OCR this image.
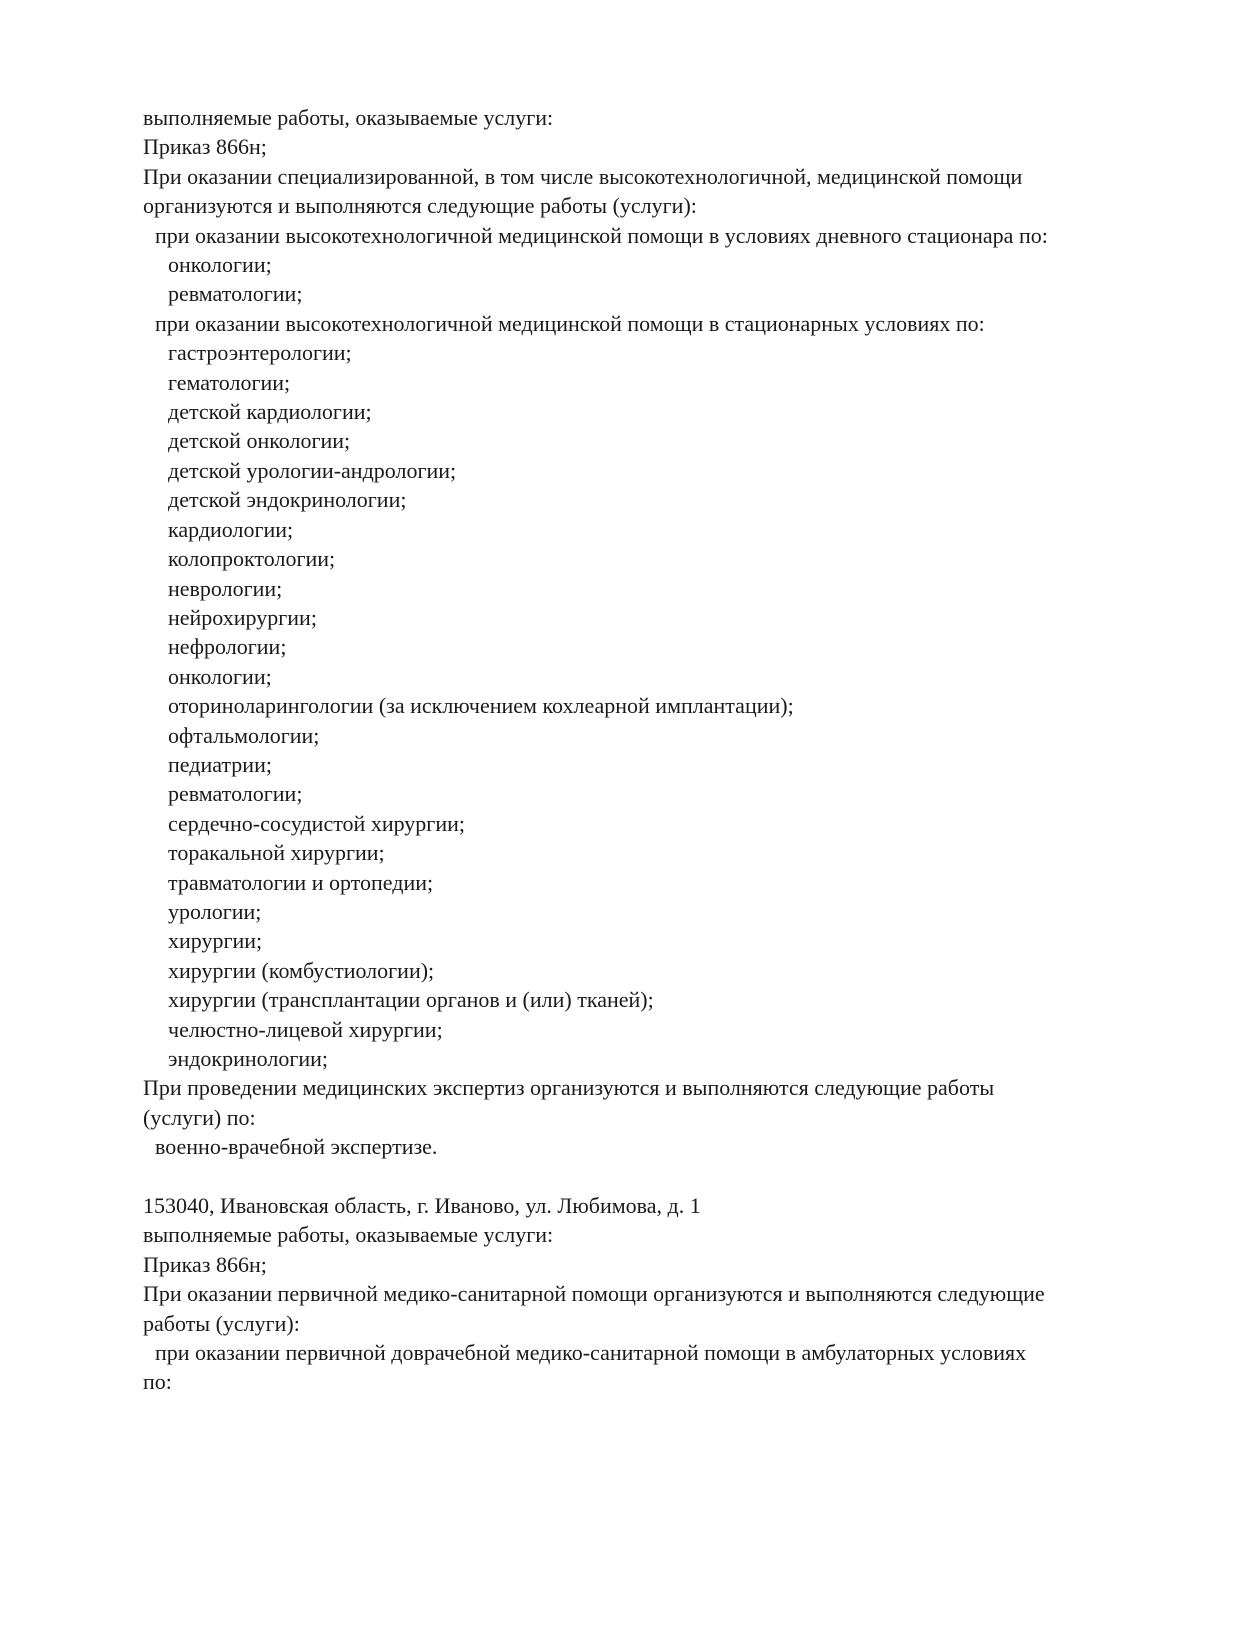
выполняемые работы, оказываемые услуги:

Приказ 866н;

При оказании специализированной, в том числе высокотехнологичной, медицинской помощи

организуются и выполняются следующие работы (услуги):

при оказании высокотехнологичной медицинской помощи в условиях дневного стационара по:

онкологии;

ревматологии;

при оказании высокотехнологичной медицинской помощи в стационарных условиях по:

гастроэнтерологии;

гематологии;

детской кардиологии;

детской онкологии;

детской урологии-андрологии;

детской эндокринологии;

кардиологии;

колопроктологии;

неврологии;

нейрохирургии;

нефрологии;

онкологии;

оториноларингологии (за исключением кохлеарной имплантации);

офтальмологии;

педиатрии;

ревматологии;

сердечно-сосудистой хирургии;

торакальной хирургии;

травматологии и ортопедии;

урологии;

хирургии;

хирургии (комбустиологии);

хирургии (трансплантации органов и (или) тканей);

челюстно-лицевой хирургии;

эндокринологии;

При проведении медицинских экспертиз организуются и выполняются следующие работы

(услуги) по:

военно-врачебной экспертизе.

153040, Ивановская область, г. Иваново, ул. Любимова, д. 1

выполняемые работы, оказываемые услуги:

Приказ 866н;

При оказании первичной медико-санитарной помощи организуются и выполняются следующие

работы (услуги):

при оказании первичной доврачебной медико-санитарной помощи в амбулаторных условиях

по:
